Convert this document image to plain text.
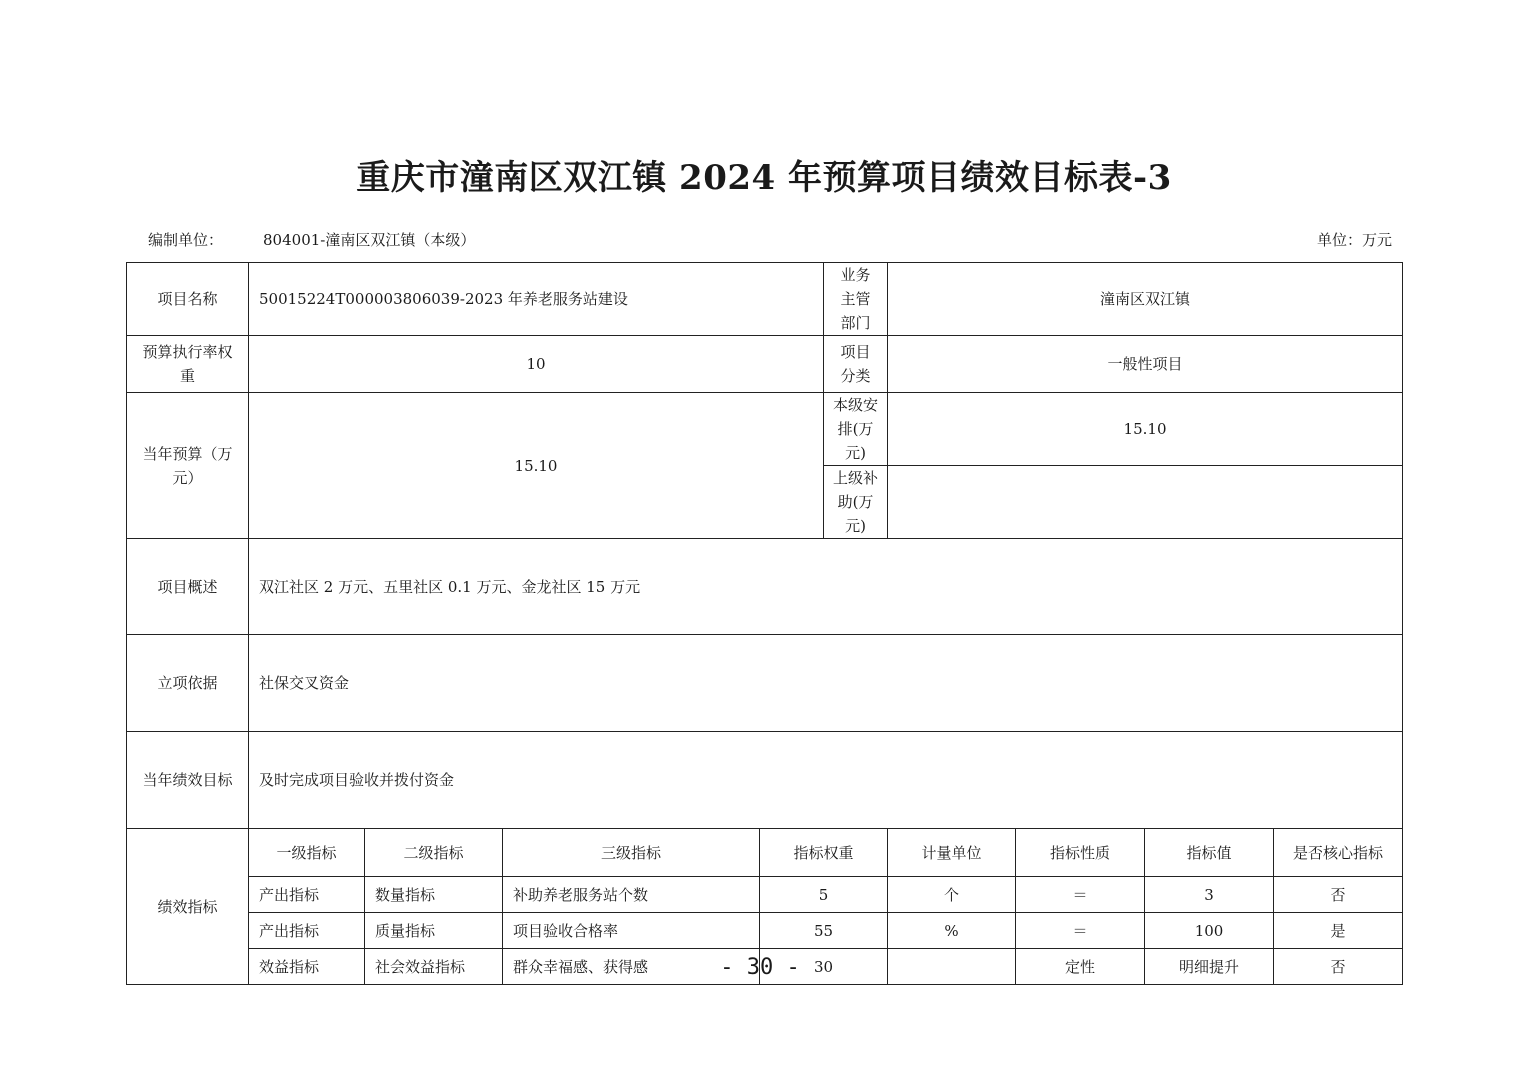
重庆市潼南区双江镇 2024 年预算项目绩效目标表-3
编制单位：	804001-潼南区双江镇（本级）	单位：万元
项目名称	50015224T000003806039-2023 年养老服务站建设				业务主管部门	潼南区双江镇			
预算执行率权重	10				项目分类	一般性项目			
当年预算（万元）	15.10				本级安排(万元)	15.10			
					上级补助(万元)				
项目概述	双江社区 2 万元、五里社区 0.1 万元、金龙社区 15 万元								
立项依据	社保交叉资金								
当年绩效目标	及时完成项目验收并拨付资金								
绩效指标	一级指标	二级指标	三级指标	指标权重		计量单位	指标性质	指标值	是否核心指标
	产出指标	数量指标	补助养老服务站个数	5		个	＝	3	否
	产出指标	质量指标	项目验收合格率	55		%	＝	100	是
	效益指标	社会效益指标	群众幸福感、获得感	30			定性	明细提升	否
- 30 -
